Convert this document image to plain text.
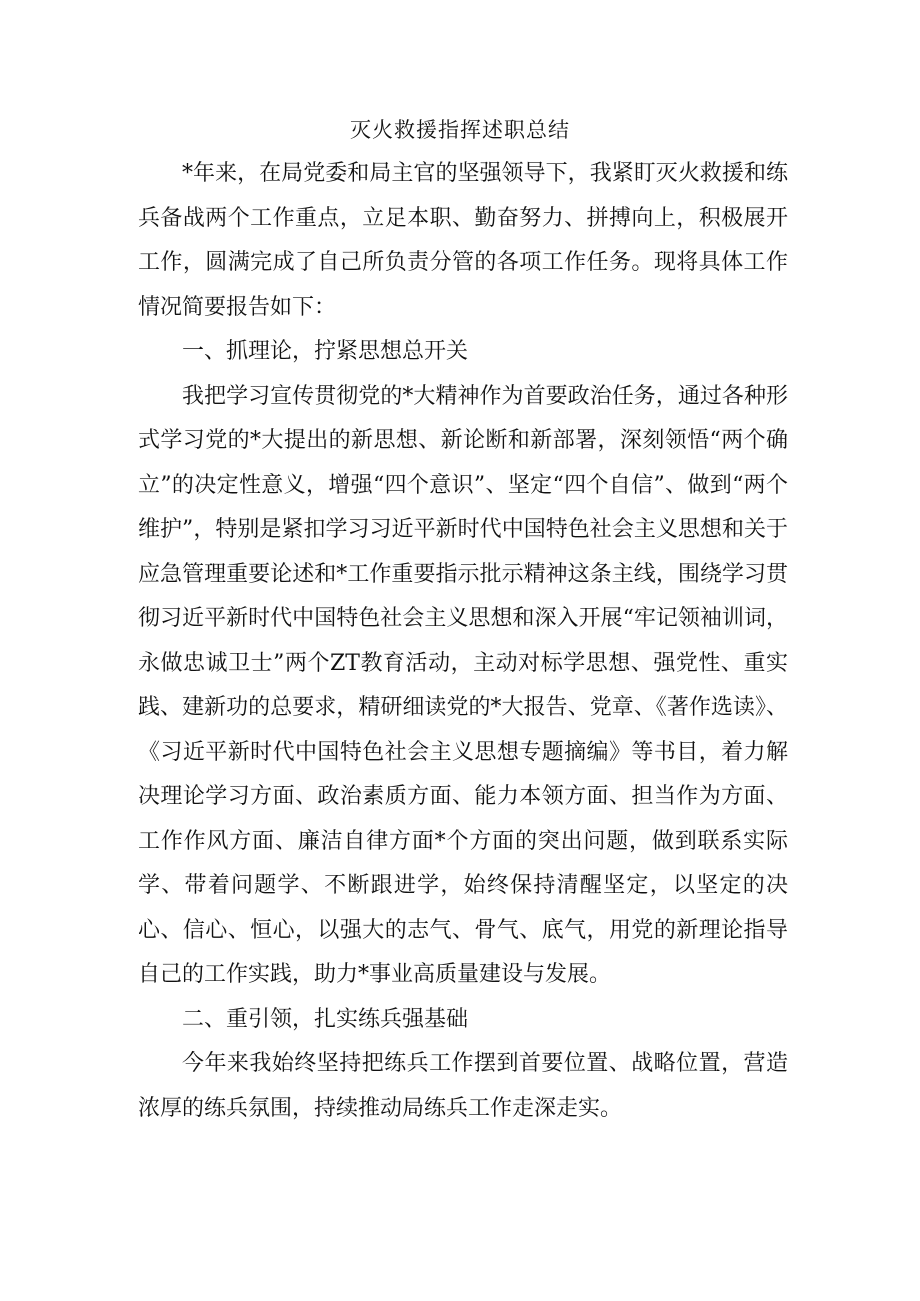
灭火救援指挥述职总结

*年来，在局党委和局主官的坚强领导下，我紧盯灭火救援和练兵备战两个工作重点，立足本职、勤奋努力、拼搏向上，积极展开工作，圆满完成了自己所负责分管的各项工作任务。现将具体工作情况简要报告如下：

一、抓理论，拧紧思想总开关

我把学习宣传贯彻党的*大精神作为首要政治任务，通过各种形式学习党的*大提出的新思想、新论断和新部署，深刻领悟“两个确立”的决定性意义，增强“四个意识”、坚定“四个自信”、做到“两个维护”，特别是紧扣学习习近平新时代中国特色社会主义思想和关于应急管理重要论述和*工作重要指示批示精神这条主线，围绕学习贯彻习近平新时代中国特色社会主义思想和深入开展“牢记领袖训词，永做忠诚卫士”两个ZT教育活动，主动对标学思想、强党性、重实践、建新功的总要求，精研细读党的*大报告、党章、《著作选读》、《习近平新时代中国特色社会主义思想专题摘编》等书目，着力解决理论学习方面、政治素质方面、能力本领方面、担当作为方面、工作作风方面、廉洁自律方面*个方面的突出问题，做到联系实际学、带着问题学、不断跟进学，始终保持清醒坚定，以坚定的决心、信心、恒心，以强大的志气、骨气、底气，用党的新理论指导自己的工作实践，助力*事业高质量建设与发展。

二、重引领，扎实练兵强基础

今年来我始终坚持把练兵工作摆到首要位置、战略位置，营造浓厚的练兵氛围，持续推动局练兵工作走深走实。
